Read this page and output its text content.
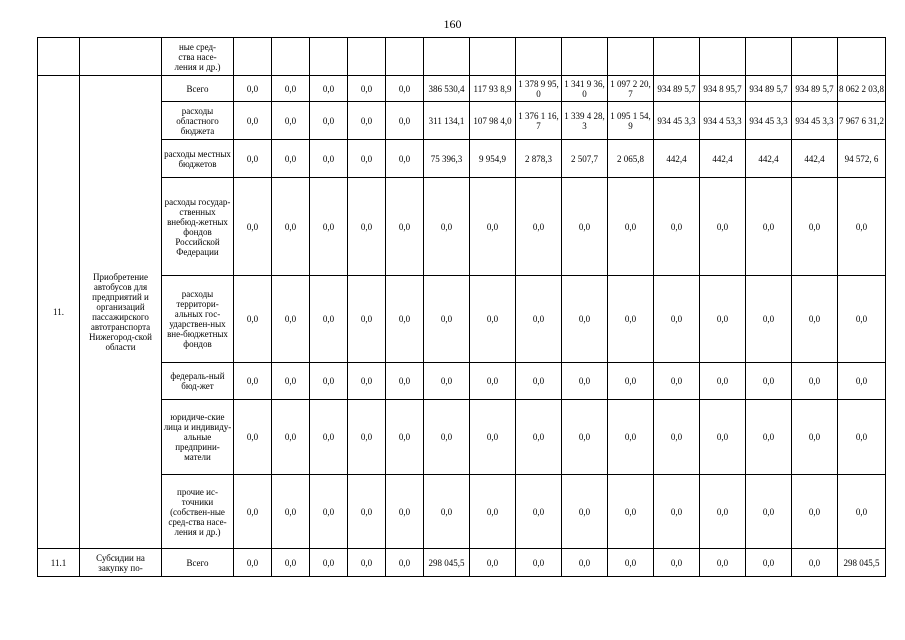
160
		ные сред-
ства насе-
ления и др.)															
11.	Приобретение автобусов для предприятий и организаций пассажирского автотранспорта Нижегород-ской области	Всего	0,0	0,0	0,0	0,0	0,0	386 530,4	117 93 8,9	1 378 9 95,0	1 341 9 36,0	1 097 2 20,7	934 89 5,7	934 8 95,7	934 89 5,7	934 89 5,7	8 062 2 03,8
		расходы областного бюджета	0,0	0,0	0,0	0,0	0,0	311 134,1	107 98 4,0	1 376 1 16,7	1 339 4 28,3	1 095 1 54,9	934 45 3,3	934 4 53,3	934 45 3,3	934 45 3,3	7 967 6 31,2
		расходы местных бюджетов	0,0	0,0	0,0	0,0	0,0	75 396,3	9 954,9	2 878,3	2 507,7	2 065,8	442,4	442,4	442,4	442,4	94 572, 6
		расходы государ-ственных внебюд-жетных фондов Российской Федерации	0,0	0,0	0,0	0,0	0,0	0,0	0,0	0,0	0,0	0,0	0,0	0,0	0,0	0,0	0,0
		расходы территори-альных гос-ударствен-ных вне-бюджетных фондов	0,0	0,0	0,0	0,0	0,0	0,0	0,0	0,0	0,0	0,0	0,0	0,0	0,0	0,0	0,0
		федераль-ный бюд-жет	0,0	0,0	0,0	0,0	0,0	0,0	0,0	0,0	0,0	0,0	0,0	0,0	0,0	0,0	0,0
		юридиче-ские лица и индивиду-альные предприни-матели	0,0	0,0	0,0	0,0	0,0	0,0	0,0	0,0	0,0	0,0	0,0	0,0	0,0	0,0	0,0
		прочие ис-точники (собствен-ные сред-ства насе-ления и др.)	0,0	0,0	0,0	0,0	0,0	0,0	0,0	0,0	0,0	0,0	0,0	0,0	0,0	0,0	0,0
11.1	Субсидии на закупку по-	Всего	0,0	0,0	0,0	0,0	0,0	298 045,5	0,0	0,0	0,0	0,0	0,0	0,0	0,0	0,0	298 045,5
